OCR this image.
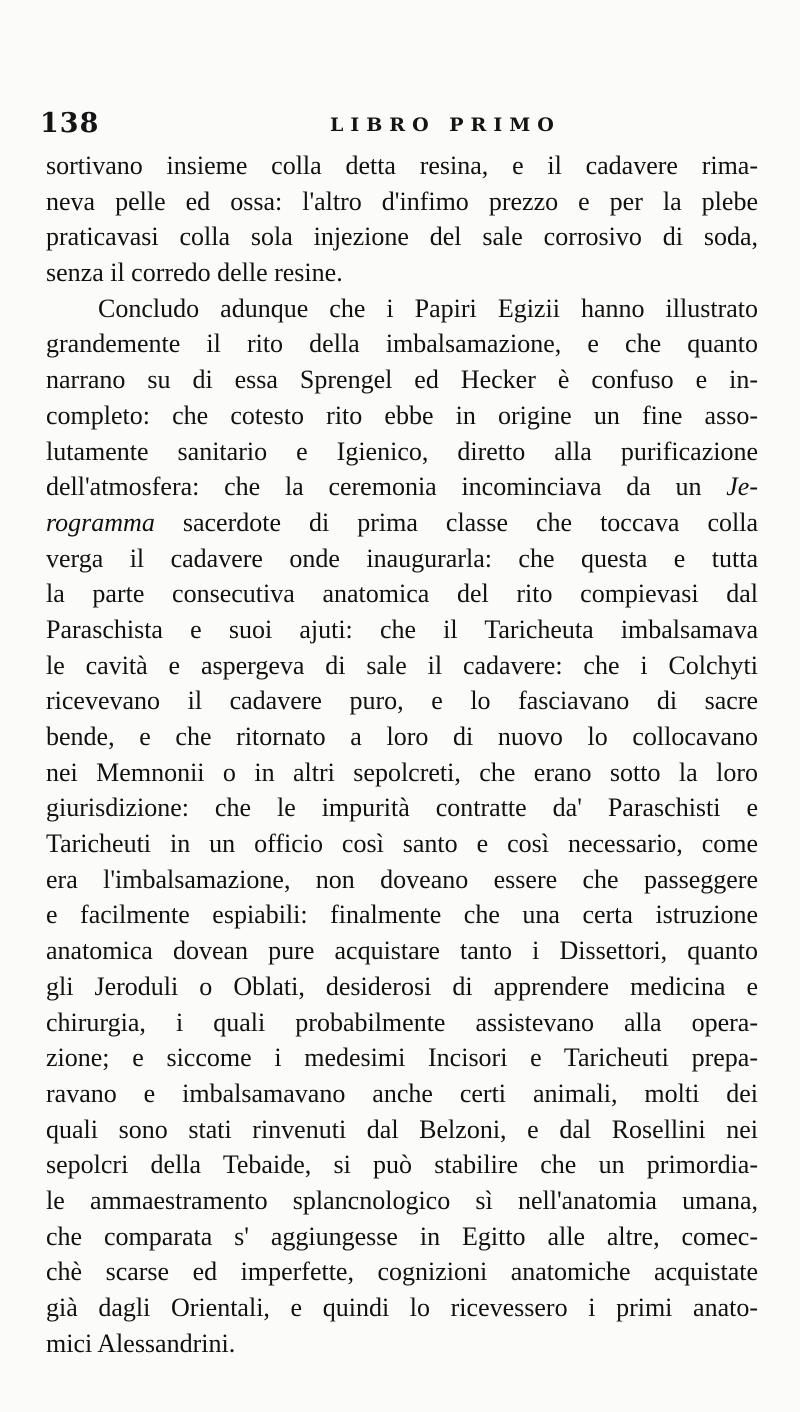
138	LIBRO PRIMO
sortivano insieme colla detta resina, e il cadavere rima-
neva pelle ed ossa: l'altro d'infimo prezzo e per la plebe
praticavasi colla sola injezione del sale corrosivo di soda,
senza il corredo delle resine.
Concludo adunque che i Papiri Egizii hanno illustrato
grandemente il rito della imbalsamazione, e che quanto
narrano su di essa Sprengel ed Hecker è confuso e in-
completo: che cotesto rito ebbe in origine un fine asso-
lutamente sanitario e Igienico, diretto alla purificazione
dell'atmosfera: che la ceremonia incominciava da un Je-
rogramma sacerdote di prima classe che toccava colla
verga il cadavere onde inaugurarla: che questa e tutta
la parte consecutiva anatomica del rito compievasi dal
Paraschista e suoi ajuti: che il Taricheuta imbalsamava
le cavità e aspergeva di sale il cadavere: che i Colchyti
ricevevano il cadavere puro, e lo fasciavano di sacre
bende, e che ritornato a loro di nuovo lo collocavano
nei Memnonii o in altri sepolcreti, che erano sotto la loro
giurisdizione: che le impurità contratte da' Paraschisti e
Taricheuti in un officio così santo e così necessario, come
era l'imbalsamazione, non doveano essere che passeggere
e facilmente espiabili: finalmente che una certa istruzione
anatomica dovean pure acquistare tanto i Dissettori, quanto
gli Jeroduli o Oblati, desiderosi di apprendere medicina e
chirurgia, i quali probabilmente assistevano alla opera-
zione; e siccome i medesimi Incisori e Taricheuti prepa-
ravano e imbalsamavano anche certi animali, molti dei
quali sono stati rinvenuti dal Belzoni, e dal Rosellini nei
sepolcri della Tebaide, si può stabilire che un primordia-
le ammaestramento splancnologico sì nell'anatomia umana,
che comparata s' aggiungesse in Egitto alle altre, comec-
chè scarse ed imperfette, cognizioni anatomiche acquistate
già dagli Orientali, e quindi lo ricevessero i primi anato-
mici Alessandrini.
